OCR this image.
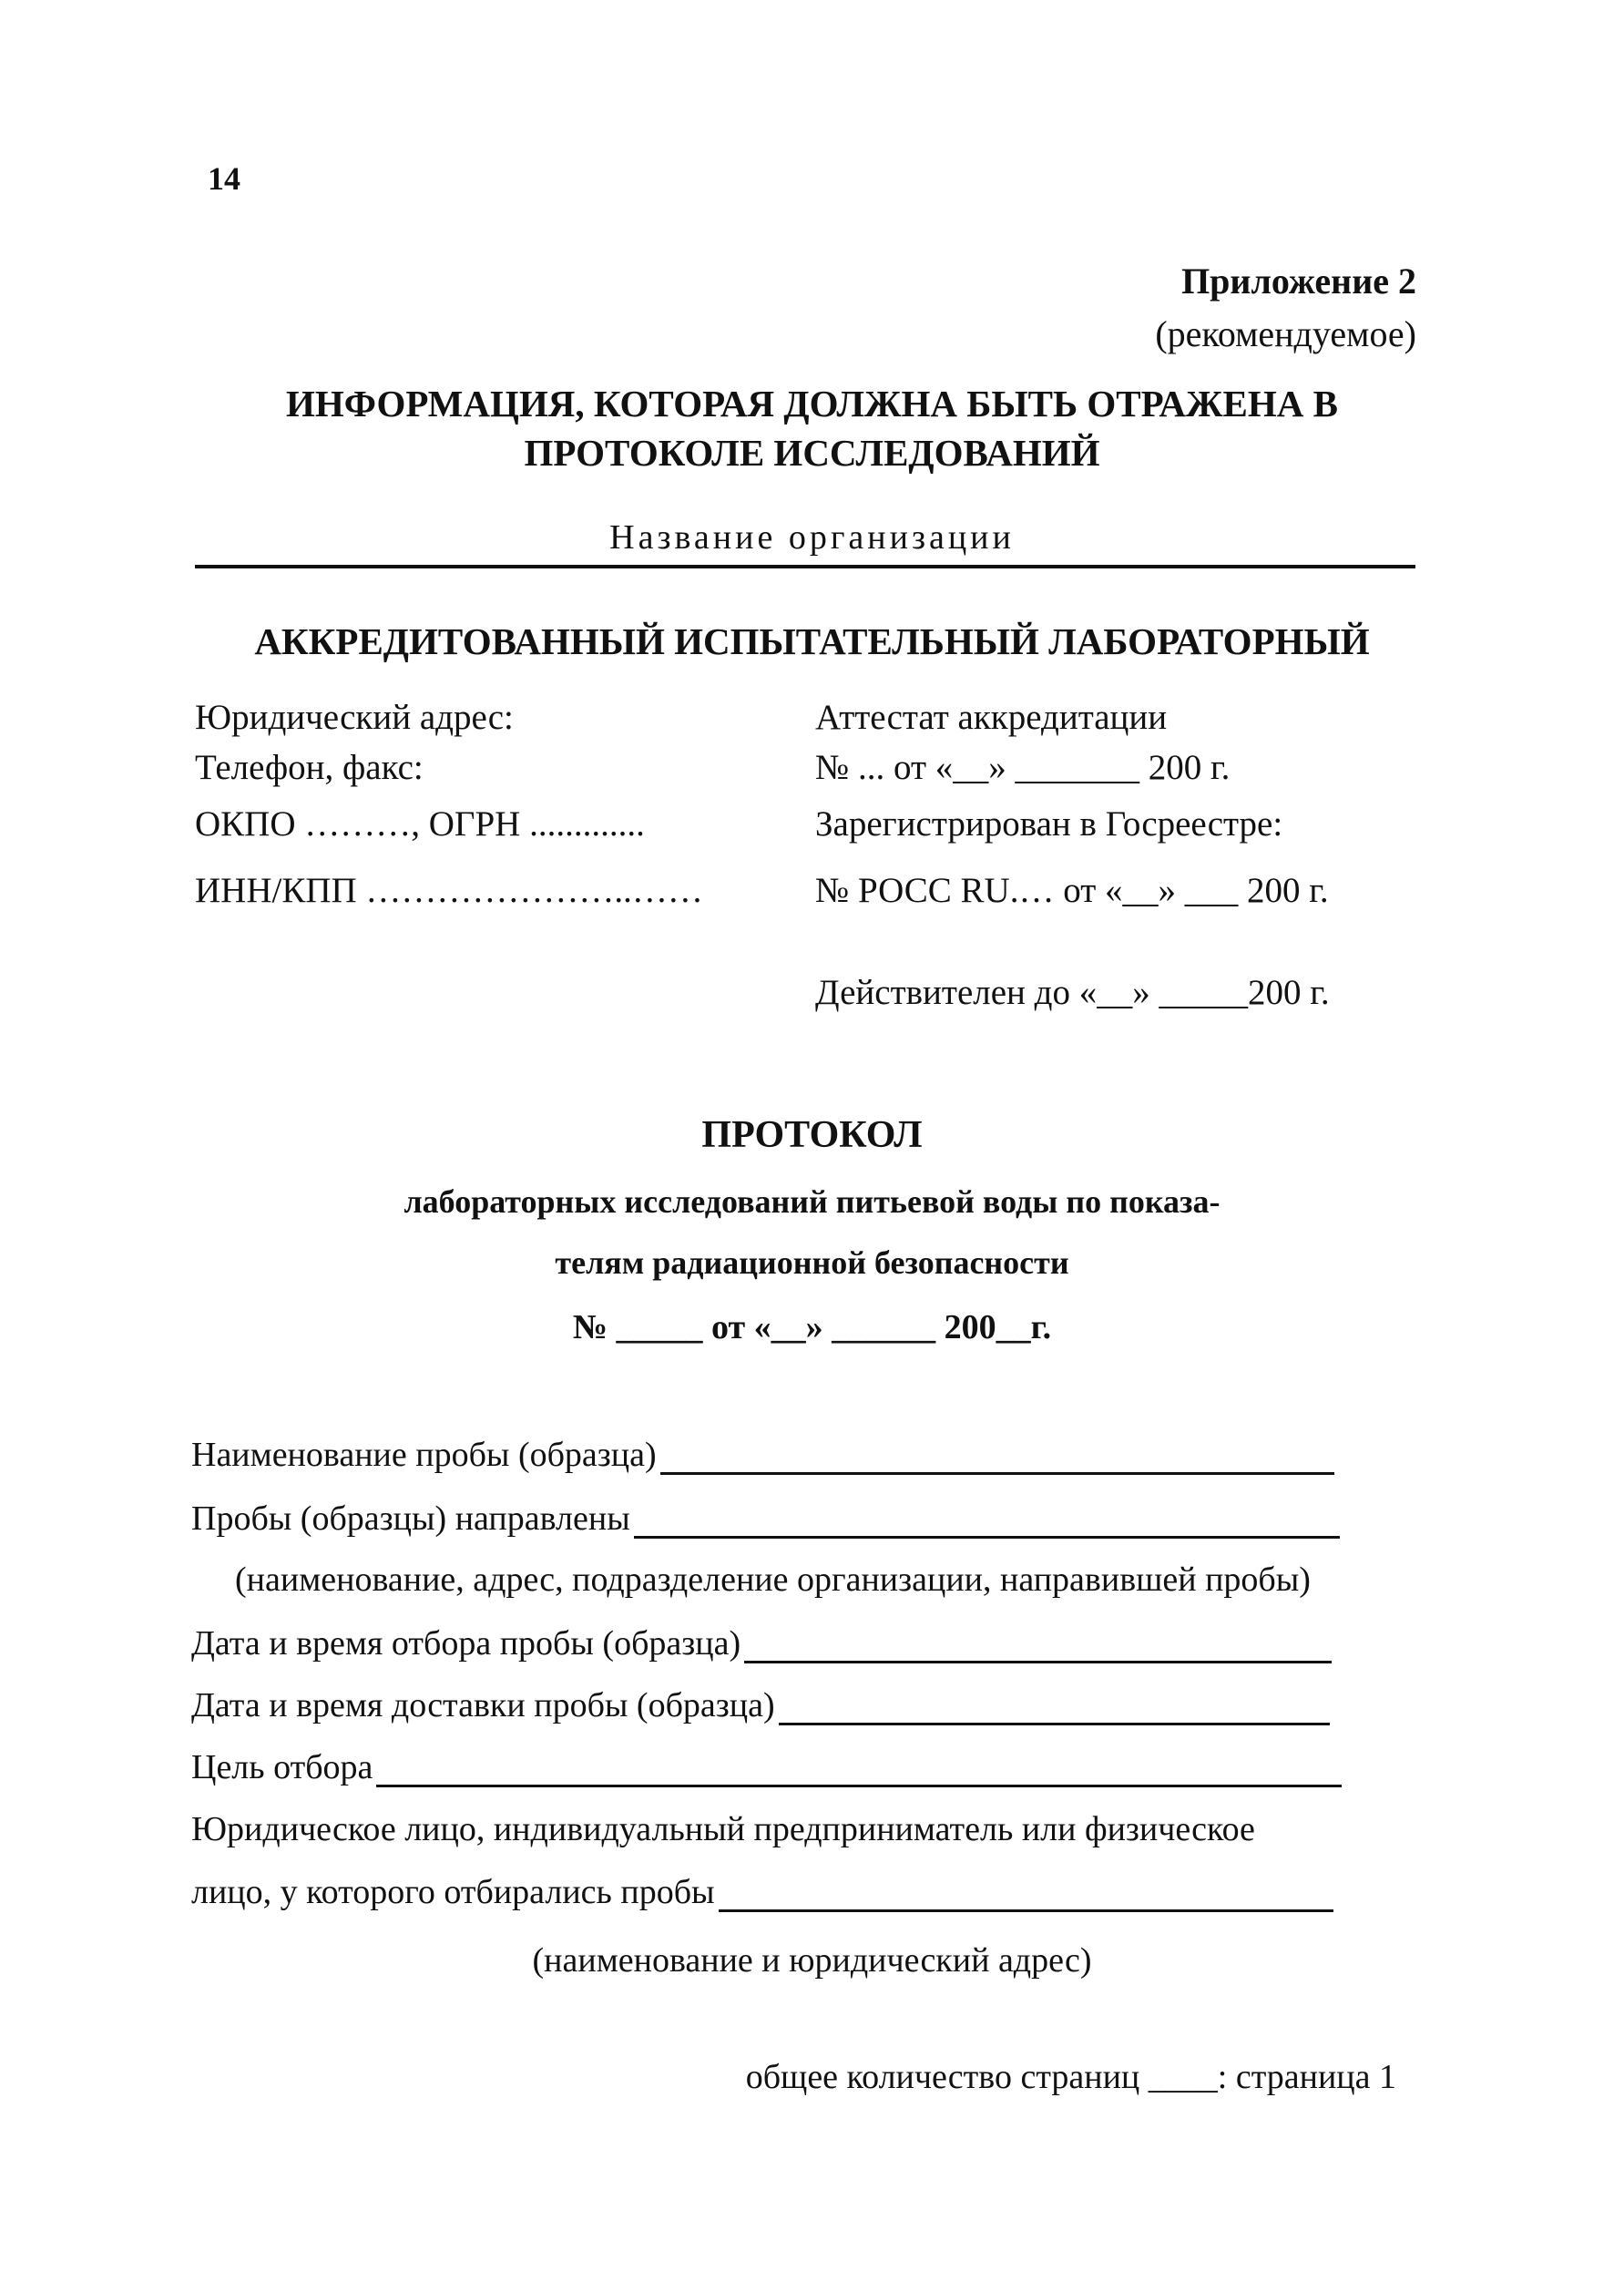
14
Приложение 2
(рекомендуемое)
ИНФОРМАЦИЯ, КОТОРАЯ ДОЛЖНА БЫТЬ ОТРАЖЕНА В
ПРОТОКОЛЕ ИССЛЕДОВАНИЙ
Название организации
АККРЕДИТОВАННЫЙ ИСПЫТАТЕЛЬНЫЙ ЛАБОРАТОРНЫЙ
Юридический адрес:
Телефон, факс:
ОКПО ………, ОГРН .............
ИНН/КПП …………………..……
Аттестат аккредитации
№ ... от «__» _______ 200 г.
Зарегистрирован в Госреестре:
№ РОСС RU.… от «__» ___ 200 г.
Действителен до «__» _____200 г.
ПРОТОКОЛ
лабораторных исследований питьевой воды по показа-
телям радиационной безопасности
№ _____ от «__» ______ 200__г.
Наименование пробы (образца)
Пробы (образцы) направлены
(наименование, адрес, подразделение организации, направившей пробы)
Дата и время отбора пробы (образца)
Дата и время доставки пробы (образца)
Цель отбора
Юридическое лицо, индивидуальный предприниматель или физическое
лицо, у которого отбирались пробы
(наименование и юридический адрес)
общее количество страниц ____: страница 1
